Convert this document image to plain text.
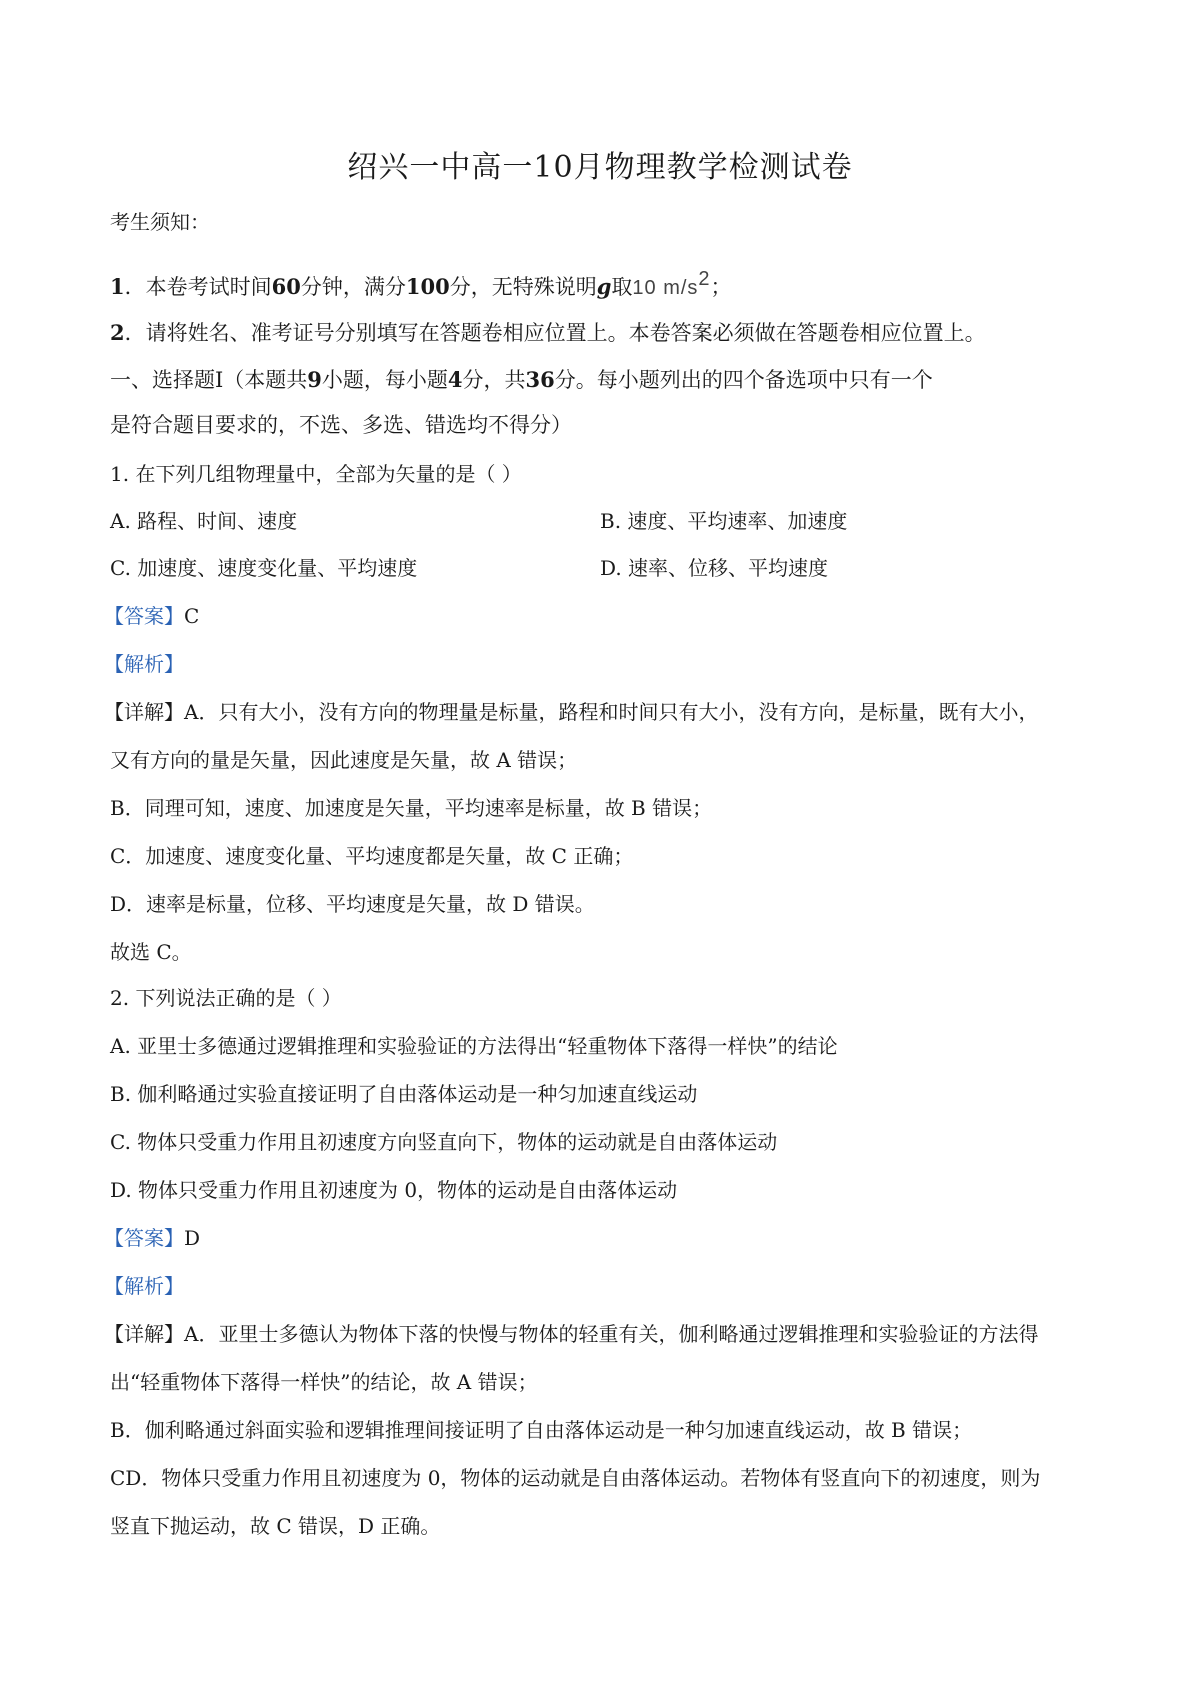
绍兴一中高一10月物理教学检测试卷
考生须知：
1．本卷考试时间60分钟，满分100分，无特殊说明g取10 m/s2；
2．请将姓名、准考证号分别填写在答题卷相应位置上。本卷答案必须做在答题卷相应位置上。
一、选择题Ⅰ（本题共9小题，每小题4分，共36分。每小题列出的四个备选项中只有一个
是符合题目要求的，不选、多选、错选均不得分）
1. 在下列几组物理量中，全部为矢量的是（ ）
A. 路程、时间、速度	B. 速度、平均速率、加速度
C. 加速度、速度变化量、平均速度	D. 速率、位移、平均速度
【答案】C
【解析】
【详解】A．只有大小，没有方向的物理量是标量，路程和时间只有大小，没有方向，是标量，既有大小，
又有方向的量是矢量，因此速度是矢量，故 A 错误；
B．同理可知，速度、加速度是矢量，平均速率是标量，故 B 错误；
C．加速度、速度变化量、平均速度都是矢量，故 C 正确；
D．速率是标量，位移、平均速度是矢量，故 D 错误。
故选 C。
2. 下列说法正确的是（ ）
A. 亚里士多德通过逻辑推理和实验验证的方法得出“轻重物体下落得一样快”的结论
B. 伽利略通过实验直接证明了自由落体运动是一种匀加速直线运动
C. 物体只受重力作用且初速度方向竖直向下，物体的运动就是自由落体运动
D. 物体只受重力作用且初速度为 0，物体的运动是自由落体运动
【答案】D
【解析】
【详解】A．亚里士多德认为物体下落的快慢与物体的轻重有关，伽利略通过逻辑推理和实验验证的方法得
出“轻重物体下落得一样快”的结论，故 A 错误；
B．伽利略通过斜面实验和逻辑推理间接证明了自由落体运动是一种匀加速直线运动，故 B 错误；
CD．物体只受重力作用且初速度为 0，物体的运动就是自由落体运动。若物体有竖直向下的初速度，则为
竖直下抛运动，故 C 错误，D 正确。
